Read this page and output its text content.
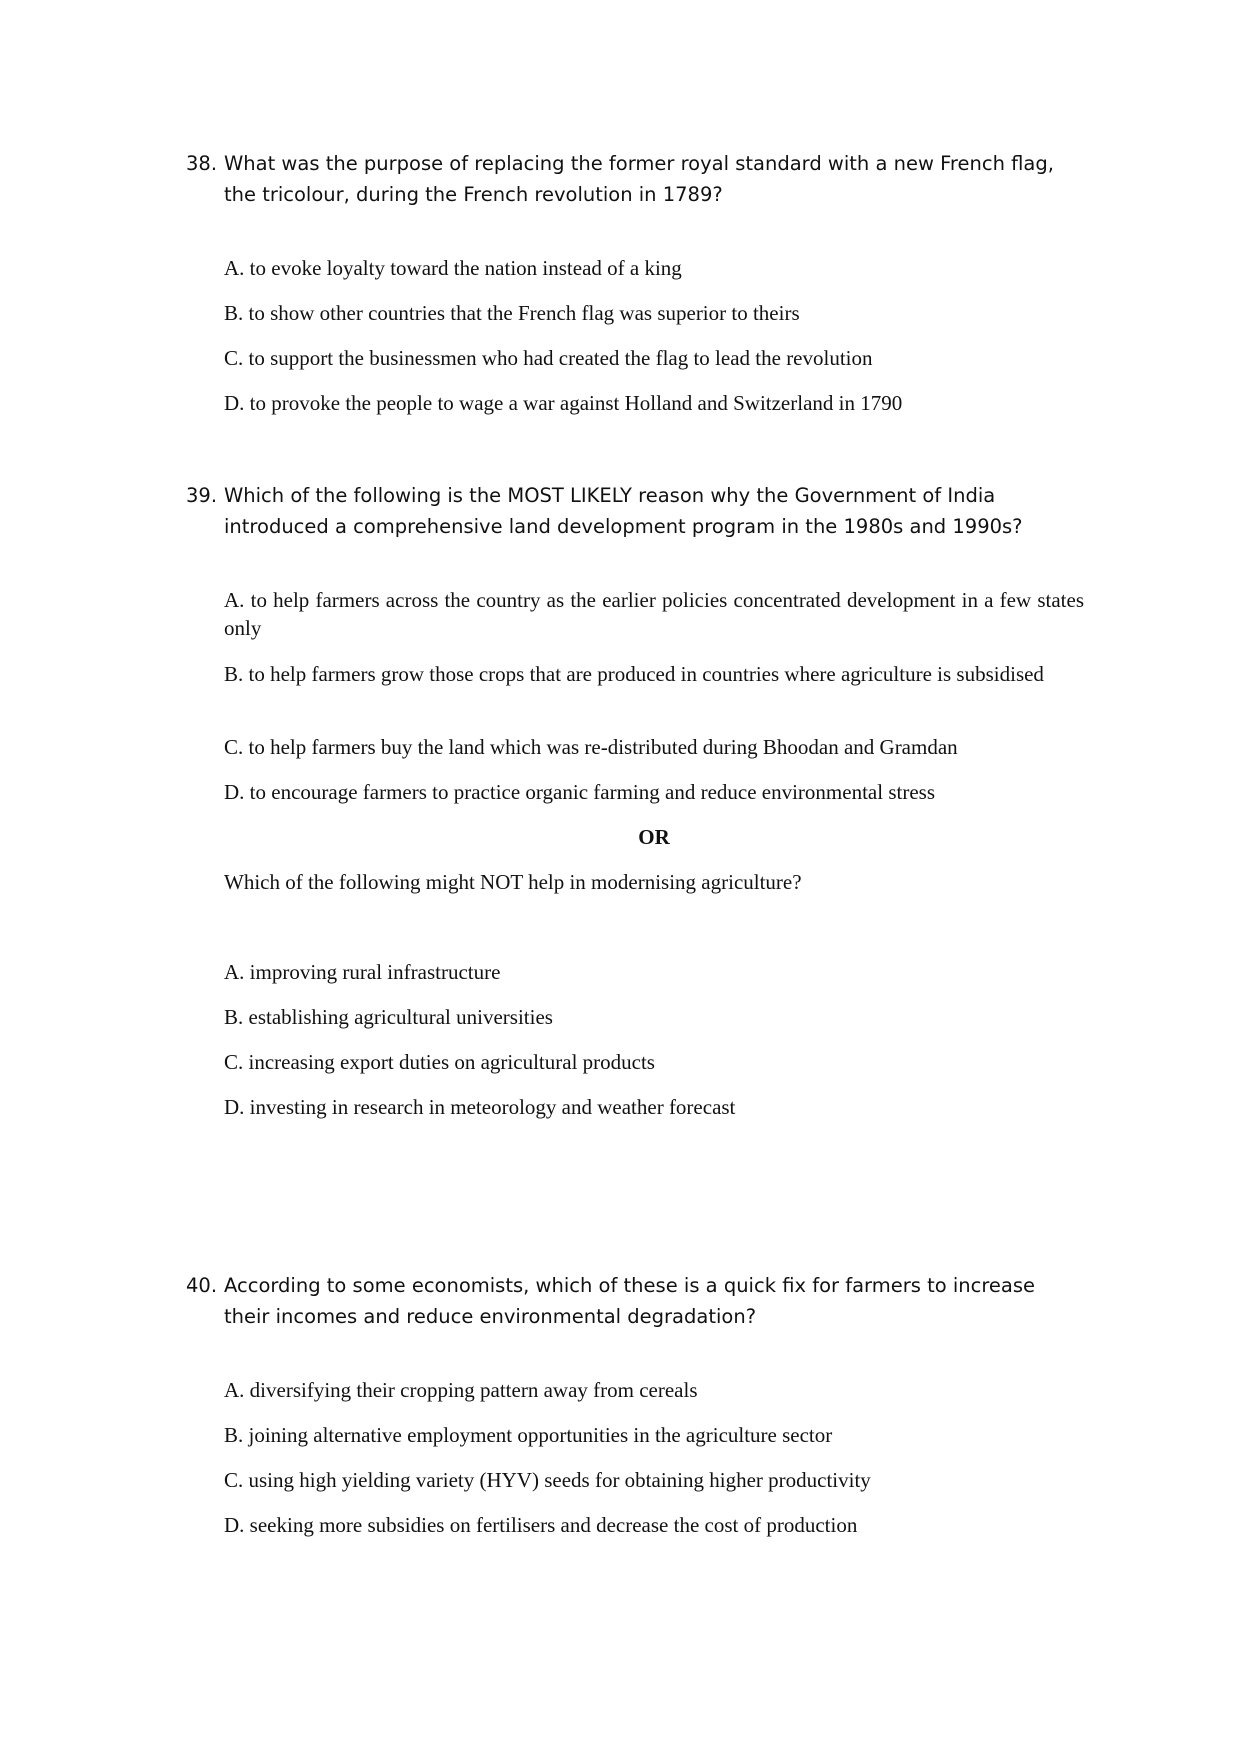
38. What was the purpose of replacing the former royal standard with a new French flag, the tricolour, during the French revolution in 1789?
A. to evoke loyalty toward the nation instead of a king
B. to show other countries that the French flag was superior to theirs
C. to support the businessmen who had created the flag to lead the revolution
D. to provoke the people to wage a war against Holland and Switzerland in 1790
39. Which of the following is the MOST LIKELY reason why the Government of India introduced a comprehensive land development program in the 1980s and 1990s?
A. to help farmers across the country as the earlier policies concentrated development in a few states only
B. to help farmers grow those crops that are produced in countries where agriculture is subsidised
C. to help farmers buy the land which was re-distributed during Bhoodan and Gramdan
D. to encourage farmers to practice organic farming and reduce environmental stress
OR
Which of the following might NOT help in modernising agriculture?
A. improving rural infrastructure
B. establishing agricultural universities
C. increasing export duties on agricultural products
D. investing in research in meteorology and weather forecast
40. According to some economists, which of these is a quick fix for farmers to increase their incomes and reduce environmental degradation?
A. diversifying their cropping pattern away from cereals
B. joining alternative employment opportunities in the agriculture sector
C. using high yielding variety (HYV) seeds for obtaining higher productivity
D. seeking more subsidies on fertilisers and decrease the cost of production
